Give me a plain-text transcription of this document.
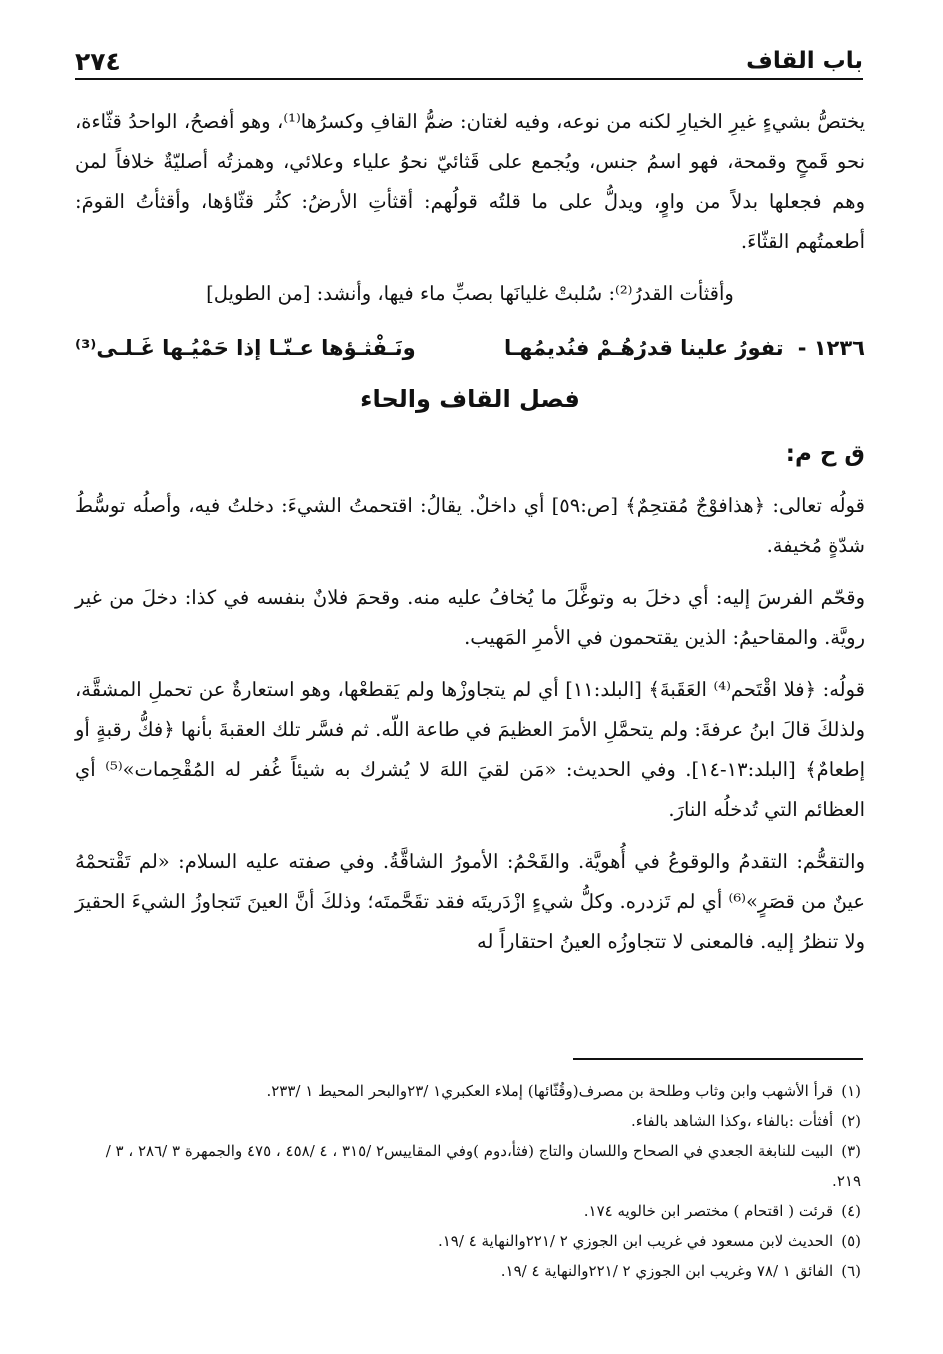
باب القاف
٢٧٤

يختصُّ بشيءٍ غيرِ الخيارِ لكنه من نوعه، وفيه لغتان: ضمُّ القافِ وكسرُها⁽¹⁾، وهو أفصحُ، الواحدُ قثّاءة، نحو قَمحٍ وقمحة، فهو اسمُ جنس، ويُجمع على قَثائيّ نحوُ علياء وعلائي، وهمزتُه أصليّةٌ خلافاً لمن وهم فجعلها بدلاً من واوٍ، ويدلُّ على ما قلتُه قولُهم: أقثأتِ الأرضُ: كثُر قثّاؤها، وأقثأتُ القومَ: أطعمتُهم القثّاءَ.

وأقثأت القدرُ⁽²⁾: سُلبتْ غليانَها بصبِّ ماء فيها، وأنشد: [من الطويل]

١٢٣٦ -
تفورُ علينا قدرُهُـمْ فنُديمُهـا
ونَـفْثـؤها عـنّـا إذا حَمْيُـها غَـلـى⁽³⁾
فصل القاف والحاء
ق ح م:

قولُه تعالى: ﴿هذافوْجٌ مُقتحِمٌ﴾ [ص:٥٩] أي داخلٌ. يقالُ: اقتحمتُ الشيءَ: دخلتُ فيه، وأصلُه توسُّطُ شدّةٍ مُخيفة.

وقحّم الفرسَ إليه: أي دخلَ به وتوغَّلَ ما يُخافُ عليه منه. وقحمَ فلانٌ بنفسه في كذا: دخلَ من غير رويَّة. والمقاحيمُ: الذين يقتحمون في الأمرِ المَهيب.

قولُه: ﴿فلا اقْتَحم⁽⁴⁾ العَقَبةَ﴾ [البلد:١١] أي لم يتجاوزْها ولم يَقطعْها، وهو استعارةٌ عن تحملِ المشقَّة، ولذلكَ قالَ ابنُ عرفةَ: ولم يتحمَّلِ الأمرَ العظيمَ في طاعة اللّه. ثم فسَّر تلك العقبةَ بأنها ﴿فكُّ رقبةٍ أو إطعامٌ﴾ [البلد:١٣-١٤]. وفي الحديث: «مَن لقيَ اللهَ لا يُشرك به شيئاً غُفر له المُقْحِمات»⁽⁵⁾ أي العظائم التي تُدخلُه النارَ.

والتقحُّم: التقدمُ والوقوعُ في أُهويَّة. والقَحْمُ: الأمورُ الشاقَّةُ. وفي صفته عليه السلام: «لم تَقْتحمْهُ عينٌ من قصَرٍ»⁽⁶⁾ أي لم تَزدره. وكلُّ شيءٍ ازْدَريتَه فقد تقَحَّمتَه؛ وذلكَ أنَّ العينَ تَتجاوزُ الشيءَ الحقيرَ ولا تنظرُ إليه. فالمعنى لا تتجاوزُه العينُ احتقاراً له

(١)قرأ الأشهب وابن وثاب وطلحة بن مصرف(وقُثّائها) إملاء العكبري١ /٢٣والبحر المحيط ١ /٢٣٣.

(٢)أفثأت :بالفاء ،وكذا الشاهد بالفاء.

(٣)البيت للنابغة الجعدي في الصحاح واللسان والتاج (فثأ،دوم )وفي المقاييس٢ /٣١٥ ، ٤ /٤٥٨ ، ٤٧٥ والجمهرة ٣ /٢٨٦ ، ٣ /٢١٩.

(٤)قرئت ( اقتحام ) مختصر ابن خالويه ١٧٤.

(٥)الحديث لابن مسعود في غريب ابن الجوزي ٢ /٢٢١والنهاية ٤ /١٩.

(٦)الفائق ١ /٧٨ وغريب ابن الجوزي ٢ /٢٢١والنهاية ٤ /١٩.
